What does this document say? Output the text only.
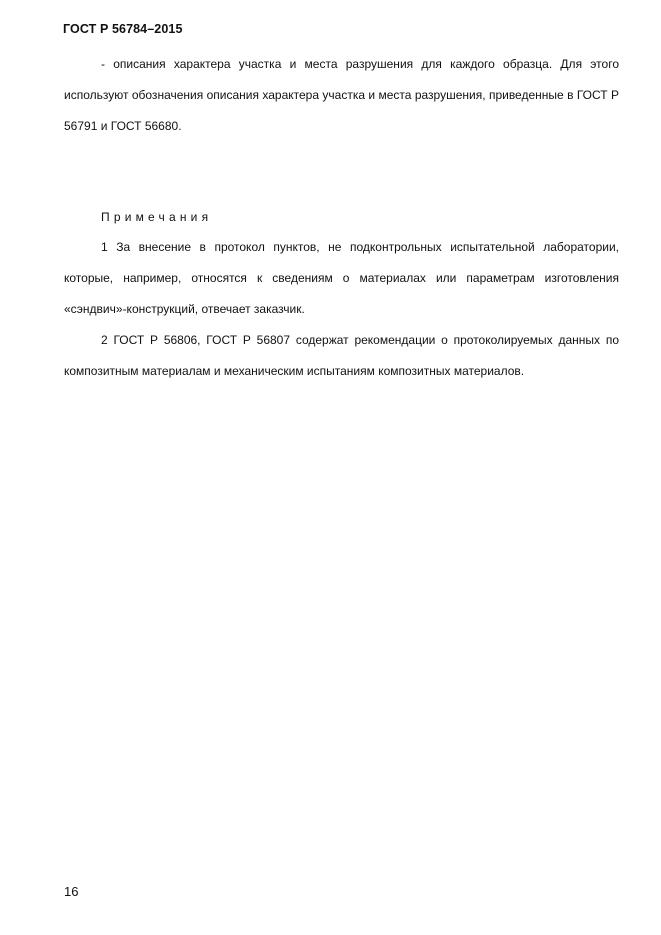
ГОСТ Р 56784–2015

- описания характера участка и места разрушения для каждого образца. Для этого используют обозначения описания характера участка и места разрушения, приведенные в ГОСТ Р 56791 и ГОСТ 56680.

Примечания

1 За внесение в протокол пунктов, не подконтрольных испытательной лаборатории, которые, например, относятся к сведениям о материалах или параметрам изготовления «сэндвич»-конструкций, отвечает заказчик.

2 ГОСТ Р 56806, ГОСТ Р 56807 содержат рекомендации о протоколируемых данных по композитным материалам и механическим испытаниям композитных материалов.

16
